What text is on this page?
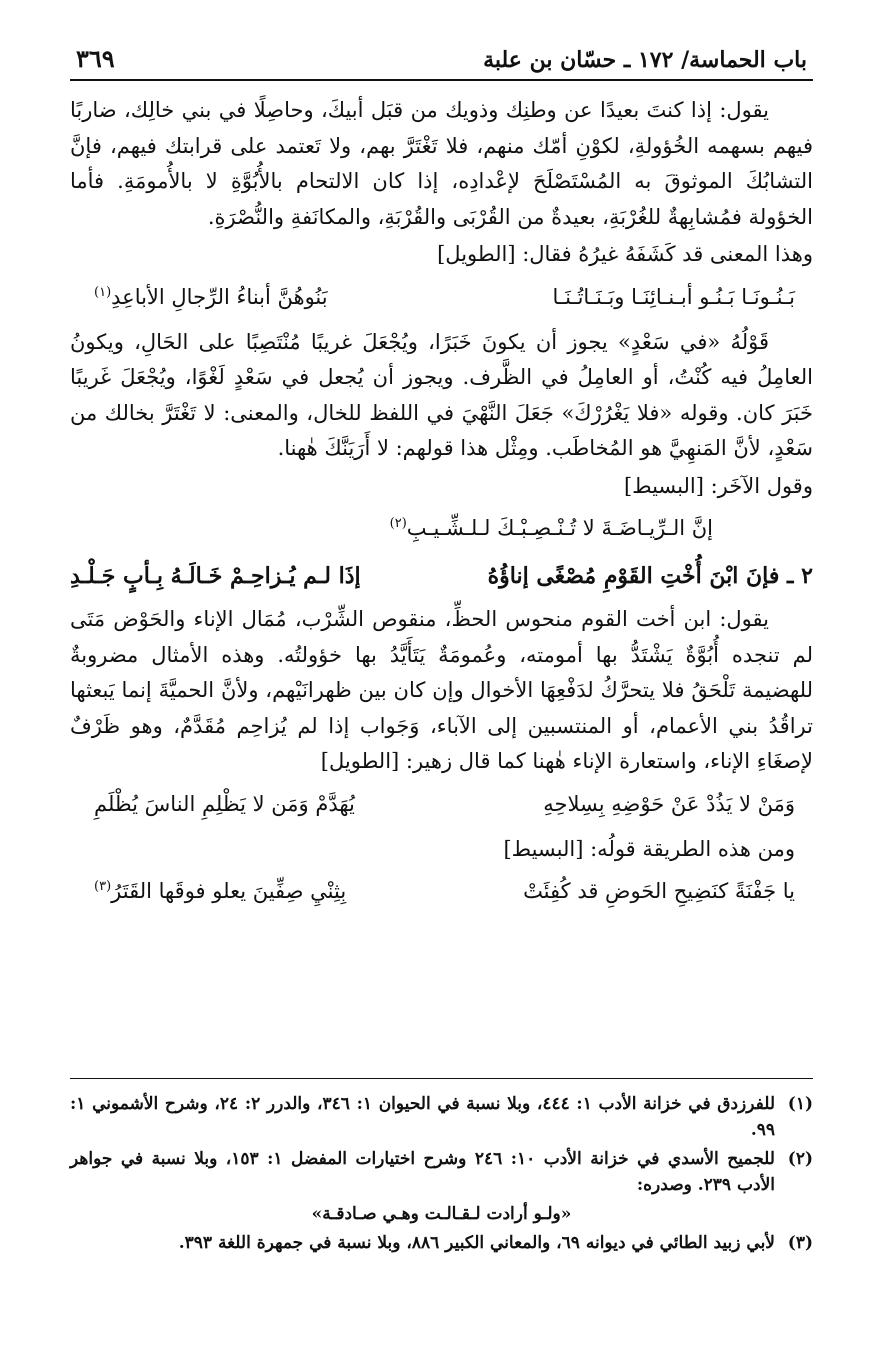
باب الحماسة/ ١٧٢ ـ حسّان بن علبة
٣٦٩

يقول: إذا كنتَ بعيدًا عن وطنِك وذويك من قبَل أبيكَ، وحاصِلًا في بني خالِك، ضاربًا فيهم بسهمه الخُؤولةِ، لكوْنِ أمّك منهم، فلا تَغْتَرَّ بهم، ولا تَعتمد على قرابتك فيهم، فإنَّ التشابُكَ الموثوقَ به المُسْتَصْلَحَ لإعْدادِه، إذا كان الالتحام بالأُبُوَّةِ لا بالأُمومَةِ. فأما الخؤولة فمُشابِهةٌ للغُرْبَةِ، بعيدةٌ من القُرْبَى والقُرْبَةِ، والمكانَفةِ والنُّصْرَةِ.

وهذا المعنى قد كَشَفَهُ غيرُهُ فقال: [الطويل]

بَـنُـونَـا بَـنُـو أبـنـائِنَـا وبَـنَـاتُـنَـا
بَنُوهُنَّ أبناءُ الرِّجالِ الأباعِدِ$^{(١)}$

قَوْلُهُ «في سَعْدٍ» يجوز أن يكونَ خَبَرًا، ويُجْعَلَ غريبًا مُنْتَصِبًا على الحَالِ، ويكونُ العامِلُ فيه كُنْتُ، أو العامِلُ في الظَّرف. ويجوز أن يُجعل في سَعْدٍ لَغْوًا، ويُجْعَلَ غَريبًا خَبَرَ كان. وقوله «فلا يَغْرُرْكَ» جَعَلَ النَّهْيَ في اللفظ للخال، والمعنى: لا تَغْتَرَّ بخالك من سَعْدٍ، لأنَّ المَنهِيَّ هو المُخاطَب. ومِثْل هذا قولهم: لا أَرَيَنَّكَ هٰهنا.

وقول الآخَر: [البسيط]

إنَّ الـرِّيـاضَـةَ لا تُـنْـصِـبْـكَ لـلـشِّـيـبِ$^{(٢)}$
٢ ـ فإنَ ابْنَ أُخْتِ القَوْمِ مُصْغًى إناؤُهُ
إذَا لـم يُـزاحِـمْ خَـالَـهُ بِـأبٍ جَـلْـدِ

يقول: ابن أخت القوم منحوس الحظِّ، منقوص الشِّرْب، مُمَال الإناء والحَوْض مَتَى لم تنجده أُبُوَّةٌ يَشْتَدُّ بها أمومته، وعُمومَةٌ يَتَأَيَّدُ بها خؤولتُه. وهذه الأمثال مضروبةٌ للهضيمة تَلْحَقُ فلا يتحرَّكُ لدَفْعِهَا الأخوال وإن كان بين ظهرانَيْهم، ولأنَّ الحميَّةَ إنما يَبعثها تراقُدُ بني الأعمام، أو المنتسبين إلى الآباء، وَجَواب إذا لم يُزاحِم مُقَدَّمٌ، وهو ظَرْفٌ لإصغَاءِ الإناء، واستعارة الإناء هٰهنا كما قال زهير: [الطويل]

وَمَنْ لا يَذُدْ عَنْ حَوْضِهِ بِسِلاحِهِ
يُهَدَّمْ وَمَن لا يَظْلِمِ الناسَ يُظْلَمِ

ومن هذه الطريقة قولُه: [البسيط]

يا جَفْنَةً كنَضِيحِ الحَوضِ قد كُفِئَتْ
بِثِنْيِ صِفِّينَ يعلو فوقَها القَتَرُ$^{(٣)}$
(١)
للفرزدق في خزانة الأدب ١: ٤٤٤، وبلا نسبة في الحيوان ١: ٣٤٦، والدرر ٢: ٢٤، وشرح الأشموني ١: ٩٩.
(٢)
للجميح الأسدي في خزانة الأدب ١٠: ٢٤٦ وشرح اختيارات المفضل ١: ١٥٣، وبلا نسبة في جواهر الأدب ٢٣٩. وصدره:
«ولـو أرادت لـقـالـت وهـي صـادقـة»
(٣)
لأبي زبيد الطائي في ديوانه ٦٩، والمعاني الكبير ٨٨٦، وبلا نسبة في جمهرة اللغة ٣٩٣.
